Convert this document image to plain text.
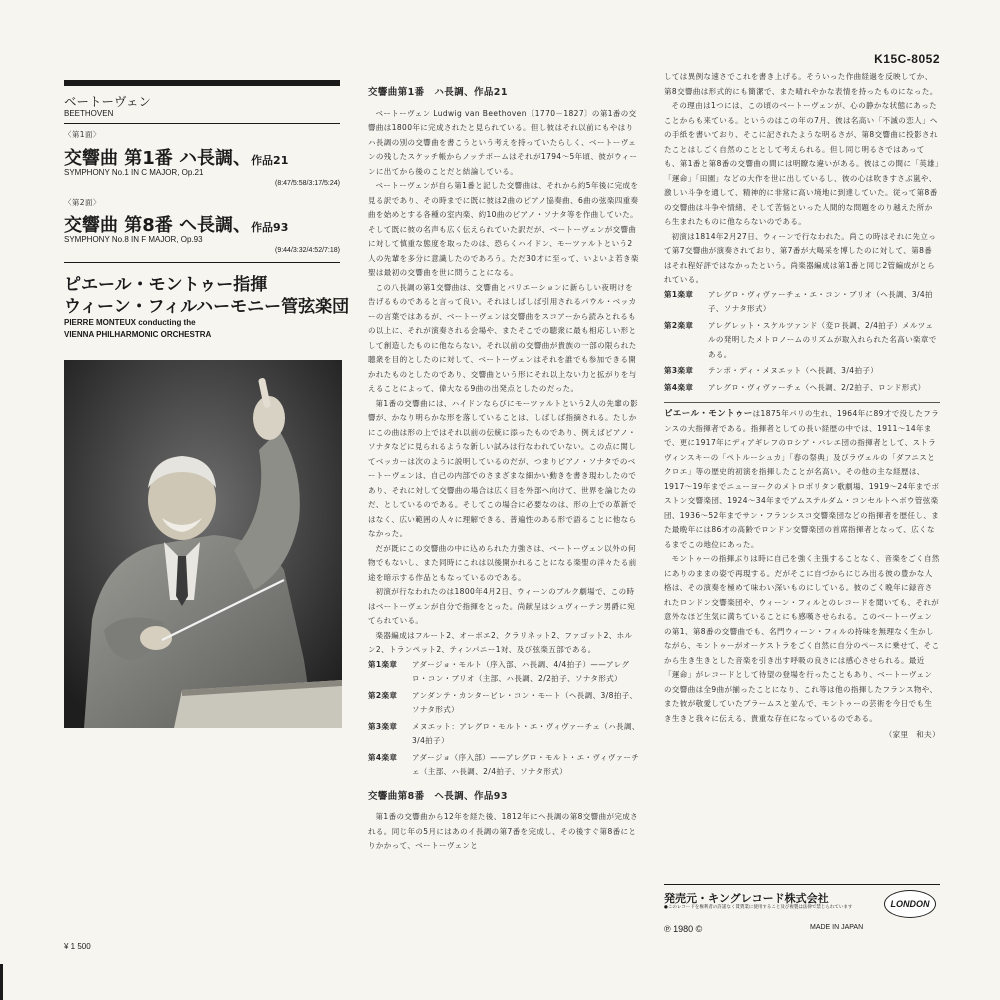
K15C-8052
ベートーヴェン
BEETHOVEN
〈第1面〉
交響曲 第1番 ハ長調、作品21
SYMPHONY No.1 IN C MAJOR, Op.21
(8:47/5:58/3:17/5:24)
〈第2面〉
交響曲 第8番 ヘ長調、作品93
SYMPHONY No.8 IN F MAJOR, Op.93
(9:44/3:32/4:52/7:18)
ピエール・モントゥー指揮
ウィーン・フィルハーモニー管弦楽団
PIERRE MONTEUX conducting the
VIENNA PHILHARMONIC ORCHESTRA
¥ 1 500
交響曲第1番　ハ長調、作品21

ベートーヴェン Ludwig van Beethoven〔1770－1827〕の第1番の交響曲は1800年に完成されたと見られている。但し彼はそれ以前にもやはりハ長調の別の交響曲を書こうという考えを持っていたらしく、ベートーヴェンの残したスケッチ帳からノッテボームはそれが1794〜5年頃、彼がウィーンに出てから後のことだと結論している。

ベートーヴェンが自ら第1番と記した交響曲は、それから約5年後に完成を見る訳であり、その時までに既に彼は2曲のピアノ協奏曲、6曲の弦楽四重奏曲を始めとする各種の室内楽、約10曲のピアノ・ソナタ等を作曲していた。そして既に彼の名声も広く伝えられていた訳だが、ベートーヴェンが交響曲に対して慎重な態度を取ったのは、恐らくハイドン、モーツァルトという2人の先輩を多分に意識したのであろう。ただ30才に至って、いよいよ若き楽聖は最初の交響曲を世に問うことになる。

この八長調の第1交響曲は、交響曲とバリエーションに新らしい夜明けを告げるものであると言って良い。それはしばしば引用されるパウル・ベッカーの言葉ではあるが、ベートーヴェンは交響曲をスコアーから読みとれるもの以上に、それが演奏される会場や、またそこでの聴衆に最も相応しい形として創造したものに他ならない。それ以前の交響曲が貴族の一部の限られた聴衆を目的としたのに対して、ベートーヴェンはそれを誰でも参加できる開かれたものとしたのであり、交響曲という形にそれ以上ない力と拡がりを与えることによって、偉大なる9曲の出発点としたのだった。

第1番の交響曲には、ハイドンならびにモーツァルトという2人の先輩の影響が、かなり明らかな形を落していることは、しばしば指摘される。たしかにこの曲は形の上ではそれ以前の伝統に添ったものであり、例えばピアノ・ソナタなどに見られるような新しい試みは行なわれていない。この点に関してベッカーは次のように説明しているのだが、つまりピアノ・ソナタでのベートーヴェンは、自己の内部でのさまざまな細かい動きを書き現わしたのであり、それに対して交響曲の場合は広く目を外部へ向けて、世界を論じたのだ、としているのである。そしてこの場合に必要なのは、形の上での革新ではなく、広い範囲の人々に理解できる、普遍性のある形で語ることに他ならなかった。

だが既にこの交響曲の中に込められた力強さは、ベートーヴェン以外の何物でもないし、また同時にこれは以後開かれることになる楽聖の洋々たる前途を暗示する作品ともなっているのである。

初演が行なわれたのは1800年4月2日、ウィーンのブルク劇場で、この時はベートーヴェンが自分で指揮をとった。尚献呈はシュヴィーテン男爵に宛てられている。

楽器編成はフルート2、オーボエ2、クラリネット2、ファゴット2、ホルン2、トランペット2、ティンパニー1対、及び弦楽五部である。

第1楽章	アダージョ・モルト（序入部、ハ長調、4/4拍子）——アレグロ・コン・ブリオ（主部、ハ長調、2/2拍子、ソナタ形式）
第2楽章	アンダンテ・カンタービレ・コン・モート（ヘ長調、3/8拍子、ソナタ形式）
第3楽章	メヌエット：アレグロ・モルト・エ・ヴィヴァーチェ（ハ長調、3/4拍子）
第4楽章	アダージョ（序入部）——アレグロ・モルト・エ・ヴィヴァーチェ（主部、ハ長調、2/4拍子、ソナタ形式）
交響曲第8番　ヘ長調、作品93

第1番の交響曲から12年を経た後、1812年にヘ長調の第8交響曲が完成される。同じ年の5月にはあのイ長調の第7番を完成し、その後すぐ第8番にとりかかって、ベートーヴェンと

しては異例な速さでこれを書き上げる。そういった作曲経過を反映してか、第8交響曲は形式的にも簡潔で、また晴れやかな表情を持ったものになった。

その理由は1つには、この頃のベートーヴェンが、心の静かな状態にあったことからも来ている。というのはこの年の7月、彼は名高い「不滅の恋人」への手紙を書いており、そこに記されたような明るさが、第8交響曲に投影されたことはしごく自然のこととして考えられる。但し同じ明るさではあっても、第1番と第8番の交響曲の間には明瞭な違いがある。彼はこの間に「英雄」「運命」「田園」などの大作を世に出しているし、彼の心は吹きすさぶ嵐や、激しい斗争を通して、精神的に非常に高い境地に到達していた。従って第8番の交響曲は斗争や情緒、そして苦悩といった人間的な問題をのり越えた所から生まれたものに他ならないのである。

初演は1814年2月27日、ウィーンで行なわれた。尚この時はそれに先立って第7交響曲が演奏されており、第7番が大喝采を博したのに対して、第8番はそれ程好評ではなかったという。尚楽器編成は第1番と同じ2管編成がとられている。

第1楽章	アレグロ・ヴィヴァーチェ・エ・コン・ブリオ（ヘ長調、3/4拍子、ソナタ形式）
第2楽章	アレグレット・スケルツァンド（変ロ長調、2/4拍子）メルツェルの発明したメトロノームのリズムが取入れられた名高い楽章である。
第3楽章	テンポ・ディ・メヌエット（ヘ長調、3/4拍子）
第4楽章	アレグロ・ヴィヴァーチェ（ヘ長調、2/2拍子、ロンド形式）

ピエール・モントゥーは1875年パリの生れ、1964年に89才で没したフランスの大指揮者である。指揮者としての長い経歴の中では、1911〜14年まで、更に1917年にディアギレフのロシア・バレエ団の指揮者として、ストラヴィンスキーの「ペトルーシュカ」「春の祭典」及びラヴェルの「ダフニスとクロエ」等の歴史的初演を指揮したことが名高い。その他の主な経歴は、1917〜19年までニューヨークのメトロポリタン歌劇場、1919〜24年までボストン交響楽団、1924〜34年までアムステルダム・コンセルトヘボウ管弦楽団、1936〜52年までサン・フランシスコ交響楽団などの指揮者を歴任し、また最晩年には86才の高齢でロンドン交響楽団の首席指揮者となって、広くなるまでこの地位にあった。

モントゥーの指揮ぶりは時に自己を強く主張することなく、音楽をごく自然にありのままの姿で再現する。だがそこに自づからにじみ出る彼の豊かな人格は、その演奏を極めて味わい深いものにしている。彼のごく晩年に録音されたロンドン交響楽団や、ウィーン・フィルとのレコードを聞いても、それが意外なほど生気に満ちていることにも感嘆させられる。このベートーヴェンの第1、第8番の交響曲でも、名門ウィーン・フィルの持味を無理なく生かしながら、モントゥーがオーケストラをごく自然に自分のペースに乗せて、そこから生き生きとした音楽を引き出す呼吸の良さには感心させられる。最近「運命」がレコードとして待望の登場を行ったこともあり、ベートーヴェンの交響曲は全9曲が揃ったことになり、これ等は他の指揮したフランス物や、また彼が敬愛していたブラームスと並んで、モントゥーの芸術を今日でも生き生きと我々に伝える、貴重な存在になっているのである。

（家里　和夫）
発売元・キングレコード株式会社
●このレコードを権利者の許諾なく賃貸業に使用すること及び複製は法律で禁じられています
℗ 1980 ©	MADE IN JAPAN
LONDON
